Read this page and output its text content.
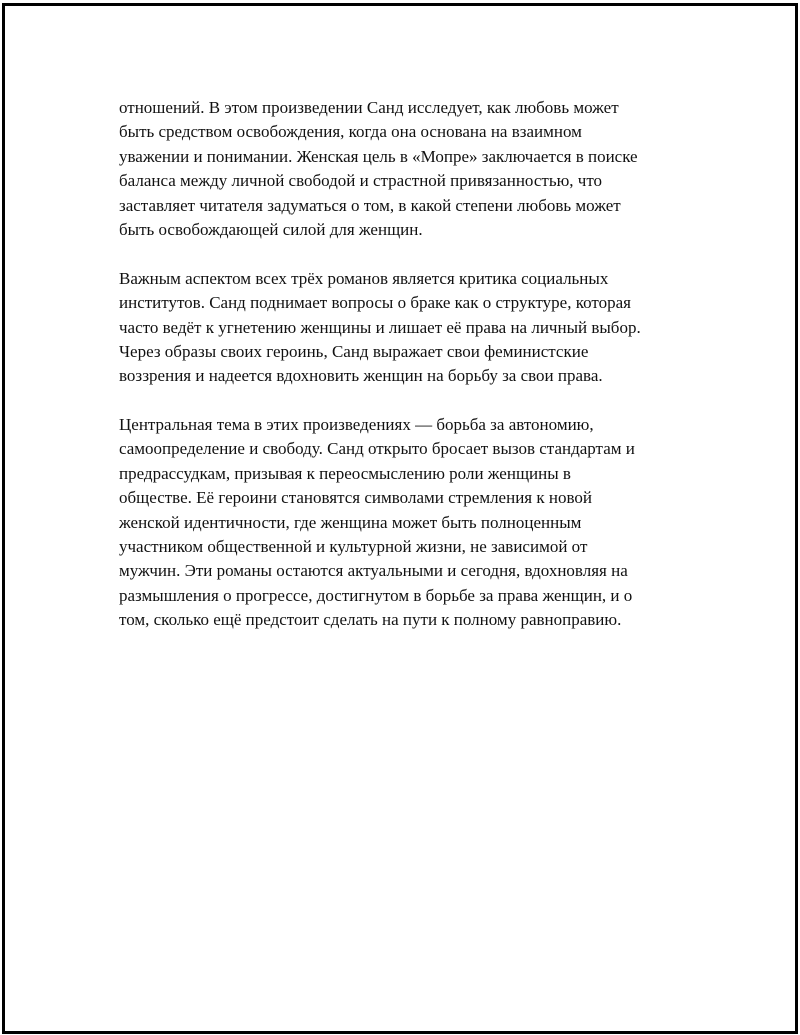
отношений. В этом произведении Санд исследует, как любовь может
быть средством освобождения, когда она основана на взаимном
уважении и понимании. Женская цель в «Мопре» заключается в поиске
баланса между личной свободой и страстной привязанностью, что
заставляет читателя задуматься о том, в какой степени любовь может
быть освобождающей силой для женщин.

Важным аспектом всех трёх романов является критика социальных
институтов. Санд поднимает вопросы о браке как о структуре, которая
часто ведёт к угнетению женщины и лишает её права на личный выбор.
Через образы своих героинь, Санд выражает свои феминистские
воззрения и надеется вдохновить женщин на борьбу за свои права.

Центральная тема в этих произведениях — борьба за автономию,
самоопределение и свободу. Санд открыто бросает вызов стандартам и
предрассудкам, призывая к переосмыслению роли женщины в
обществе. Её героини становятся символами стремления к новой
женской идентичности, где женщина может быть полноценным
участником общественной и культурной жизни, не зависимой от
мужчин. Эти романы остаются актуальными и сегодня, вдохновляя на
размышления о прогрессе, достигнутом в борьбе за права женщин, и о
том, сколько ещё предстоит сделать на пути к полному равноправию.
